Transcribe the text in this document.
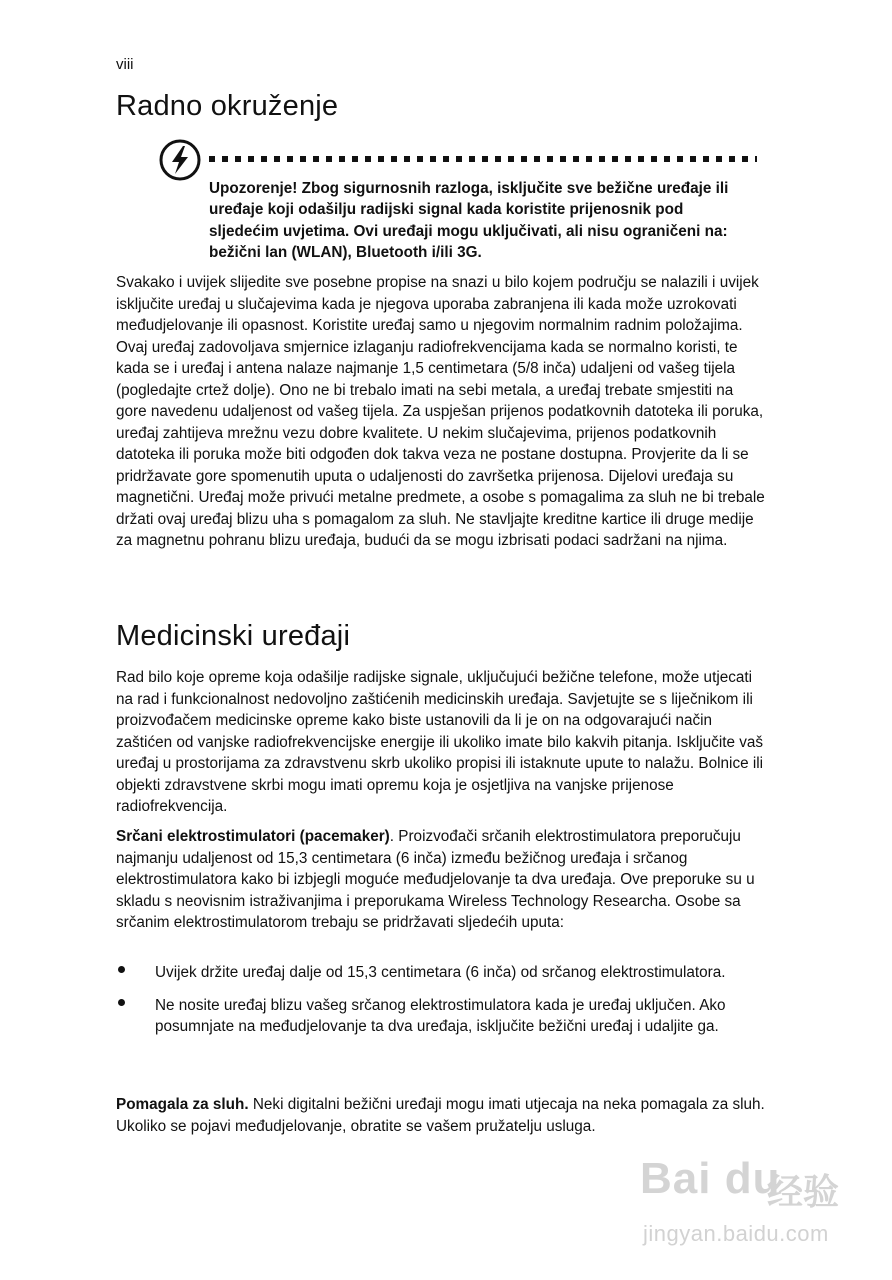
viii
Radno okruženje

Upozorenje! Zbog sigurnosnih razloga, isključite sve bežične uređaje ili uređaje koji odašilju radijski signal kada koristite prijenosnik pod sljedećim uvjetima. Ovi uređaji mogu uključivati, ali nisu ograničeni na: bežični lan (WLAN), Bluetooth i/ili 3G.

Svakako i uvijek slijedite sve posebne propise na snazi u bilo kojem području se nalazili i uvijek isključite uređaj u slučajevima kada je njegova uporaba zabranjena ili kada može uzrokovati međudjelovanje ili opasnost. Koristite uređaj samo u njegovim normalnim radnim položajima. Ovaj uređaj zadovoljava smjernice izlaganju radiofrekvencijama kada se normalno koristi, te kada se i uređaj i antena nalaze najmanje 1,5 centimetara (5/8 inča) udaljeni od vašeg tijela (pogledajte crtež dolje). Ono ne bi trebalo imati na sebi metala, a uređaj trebate smjestiti na gore navedenu udaljenost od vašeg tijela. Za uspješan prijenos podatkovnih datoteka ili poruka, uređaj zahtijeva mrežnu vezu dobre kvalitete. U nekim slučajevima, prijenos podatkovnih datoteka ili poruka može biti odgođen dok takva veza ne postane dostupna. Provjerite da li se pridržavate gore spomenutih uputa o udaljenosti do završetka prijenosa. Dijelovi uređaja su magnetični. Uređaj može privući metalne predmete, a osobe s pomagalima za sluh ne bi trebale držati ovaj uređaj blizu uha s pomagalom za sluh. Ne stavljajte kreditne kartice ili druge medije za magnetnu pohranu blizu uređaja, budući da se mogu izbrisati podaci sadržani na njima.

Medicinski uređaji

Rad bilo koje opreme koja odašilje radijske signale, uključujući bežične telefone, može utjecati na rad i funkcionalnost nedovoljno zaštićenih medicinskih uređaja. Savjetujte se s liječnikom ili proizvođačem medicinske opreme kako biste ustanovili da li je on na odgovarajući način zaštićen od vanjske radiofrekvencijske energije ili ukoliko imate bilo kakvih pitanja. Isključite vaš uređaj u prostorijama za zdravstvenu skrb ukoliko propisi ili istaknute upute to nalažu. Bolnice ili objekti zdravstvene skrbi mogu imati opremu koja je osjetljiva na vanjske prijenose radiofrekvencija.

Srčani elektrostimulatori (pacemaker). Proizvođači srčanih elektrostimulatora preporučuju najmanju udaljenost od 15,3 centimetara (6 inča) između bežičnog uređaja i srčanog elektrostimulatora kako bi izbjegli moguće međudjelovanje ta dva uređaja. Ove preporuke su u skladu s neovisnim istraživanjima i preporukama Wireless Technology Researcha. Osobe sa srčanim elektrostimulatorom trebaju se pridržavati sljedećih uputa:

Uvijek držite uređaj dalje od 15,3 centimetara (6 inča) od srčanog elektrostimulatora.
Ne nosite uređaj blizu vašeg srčanog elektrostimulatora kada je uređaj uključen. Ako posumnjate na međudjelovanje ta dva uređaja, isključite bežični uređaj i udaljite ga.

Pomagala za sluh. Neki digitalni bežični uređaji mogu imati utjecaja na neka pomagala za sluh. Ukoliko se pojavi međudjelovanje, obratite se vašem pružatelju usluga.

Bai du
经验
jingyan.baidu.com
